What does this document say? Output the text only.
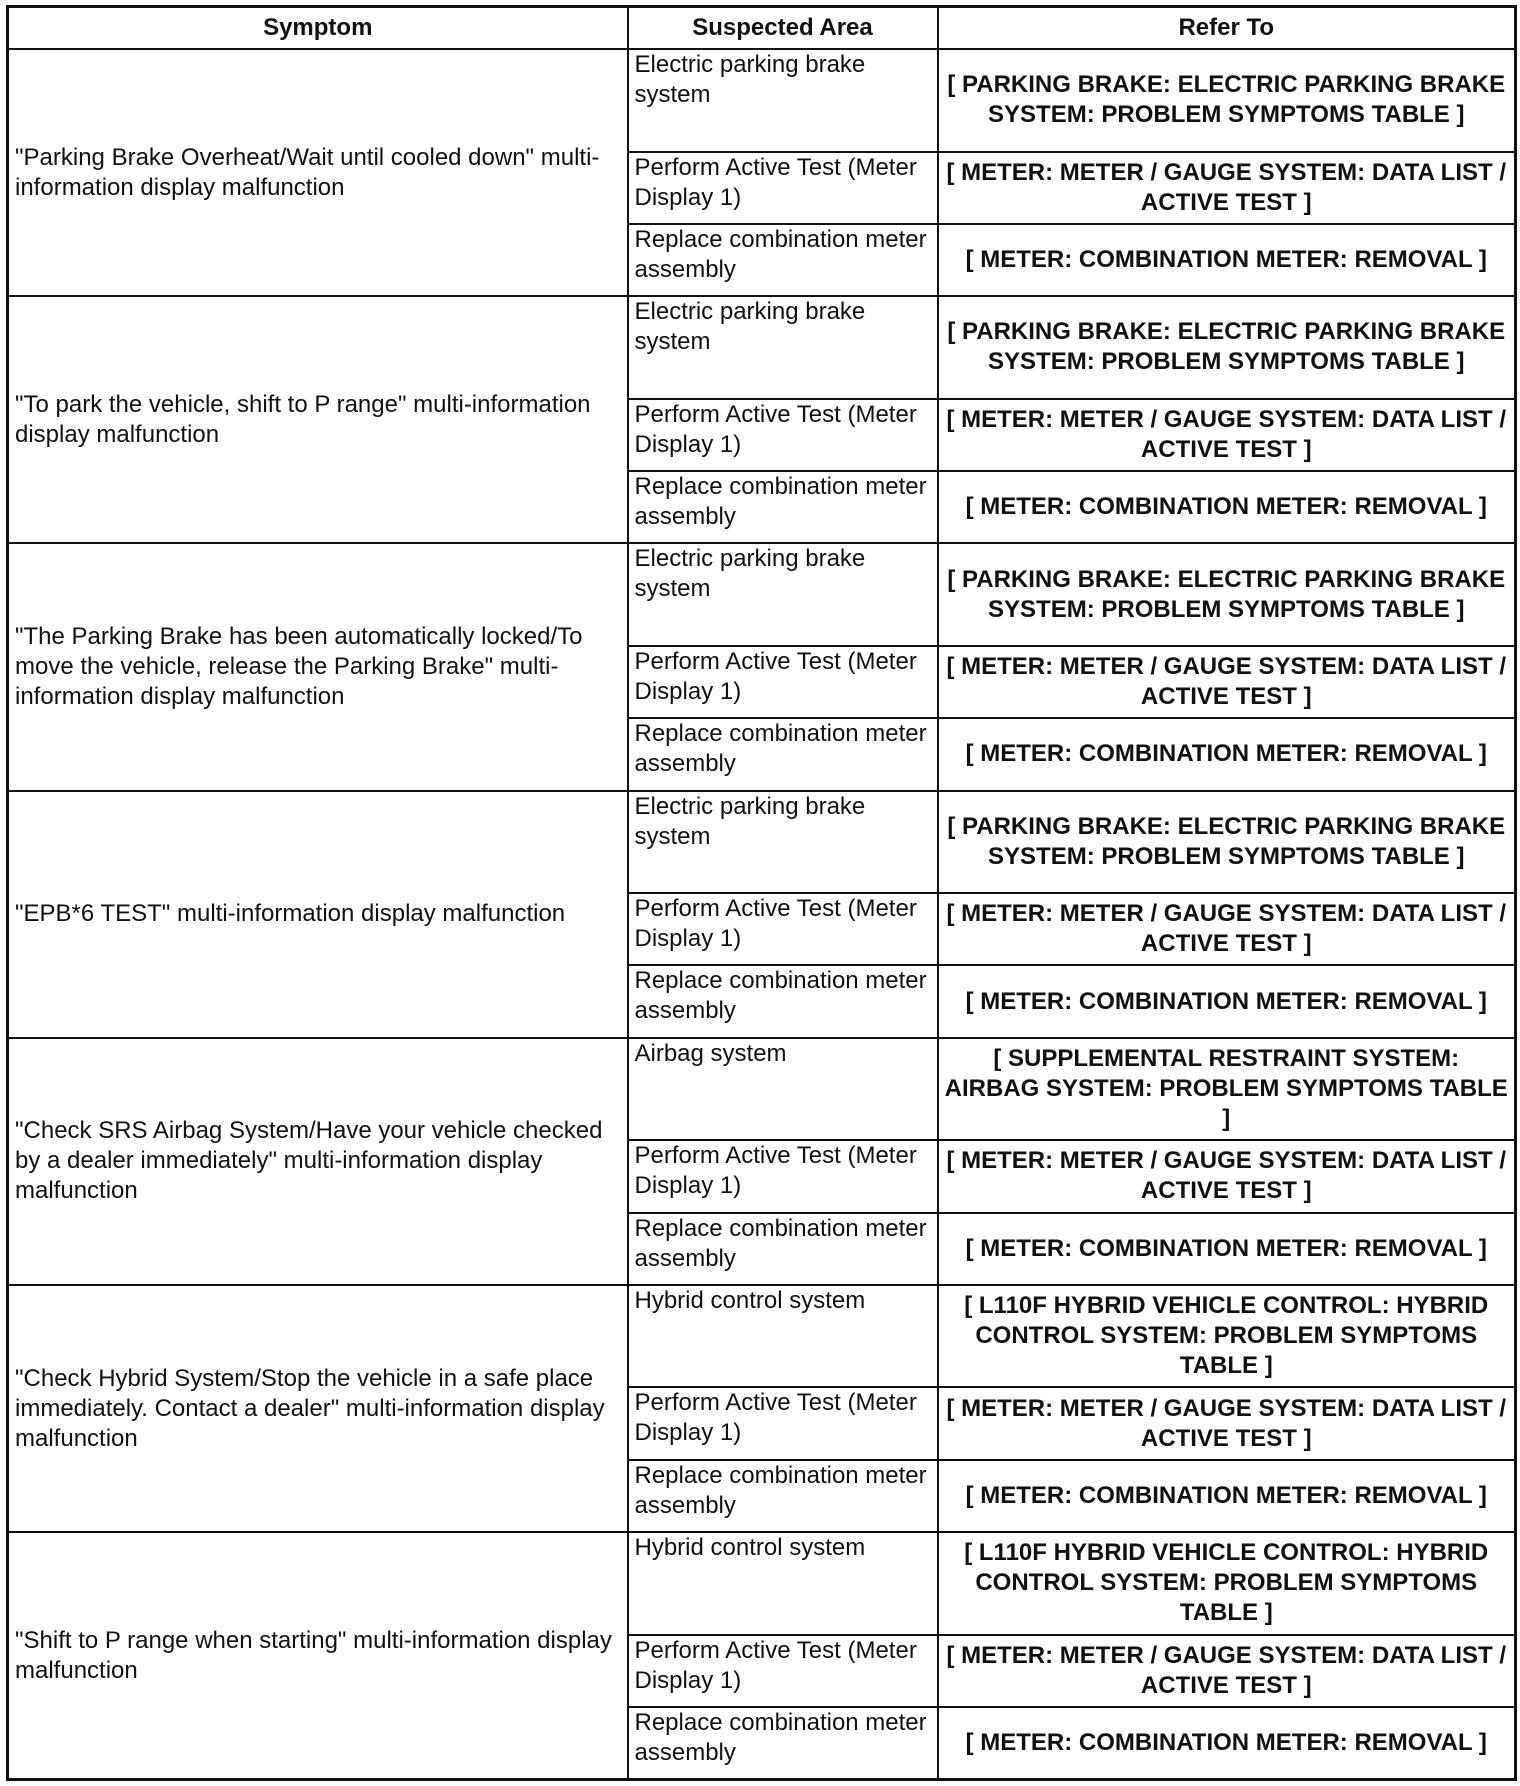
Symptom	Suspected Area	Refer To
"Parking Brake Overheat/Wait until cooled down" multi-information display malfunction	Electric parking brake system	[ PARKING BRAKE: ELECTRIC PARKING BRAKE SYSTEM: PROBLEM SYMPTOMS TABLE ]
	Perform Active Test (Meter Display 1)	[ METER: METER / GAUGE SYSTEM: DATA LIST / ACTIVE TEST ]
	Replace combination meter assembly	[ METER: COMBINATION METER: REMOVAL ]
"To park the vehicle, shift to P range" multi-information display malfunction	Electric parking brake system	[ PARKING BRAKE: ELECTRIC PARKING BRAKE SYSTEM: PROBLEM SYMPTOMS TABLE ]
	Perform Active Test (Meter Display 1)	[ METER: METER / GAUGE SYSTEM: DATA LIST / ACTIVE TEST ]
	Replace combination meter assembly	[ METER: COMBINATION METER: REMOVAL ]
"The Parking Brake has been automatically locked/To move the vehicle, release the Parking Brake" multi-information display malfunction	Electric parking brake system	[ PARKING BRAKE: ELECTRIC PARKING BRAKE SYSTEM: PROBLEM SYMPTOMS TABLE ]
	Perform Active Test (Meter Display 1)	[ METER: METER / GAUGE SYSTEM: DATA LIST / ACTIVE TEST ]
	Replace combination meter assembly	[ METER: COMBINATION METER: REMOVAL ]
"EPB*6 TEST" multi-information display malfunction	Electric parking brake system	[ PARKING BRAKE: ELECTRIC PARKING BRAKE SYSTEM: PROBLEM SYMPTOMS TABLE ]
	Perform Active Test (Meter Display 1)	[ METER: METER / GAUGE SYSTEM: DATA LIST / ACTIVE TEST ]
	Replace combination meter assembly	[ METER: COMBINATION METER: REMOVAL ]
"Check SRS Airbag System/Have your vehicle checked by a dealer immediately" multi-information display malfunction	Airbag system	[ SUPPLEMENTAL RESTRAINT SYSTEM: AIRBAG SYSTEM: PROBLEM SYMPTOMS TABLE ]
	Perform Active Test (Meter Display 1)	[ METER: METER / GAUGE SYSTEM: DATA LIST / ACTIVE TEST ]
	Replace combination meter assembly	[ METER: COMBINATION METER: REMOVAL ]
"Check Hybrid System/Stop the vehicle in a safe place immediately. Contact a dealer" multi-information display malfunction	Hybrid control system	[ L110F HYBRID VEHICLE CONTROL: HYBRID CONTROL SYSTEM: PROBLEM SYMPTOMS TABLE ]
	Perform Active Test (Meter Display 1)	[ METER: METER / GAUGE SYSTEM: DATA LIST / ACTIVE TEST ]
	Replace combination meter assembly	[ METER: COMBINATION METER: REMOVAL ]
"Shift to P range when starting" multi-information display malfunction	Hybrid control system	[ L110F HYBRID VEHICLE CONTROL: HYBRID CONTROL SYSTEM: PROBLEM SYMPTOMS TABLE ]
	Perform Active Test (Meter Display 1)	[ METER: METER / GAUGE SYSTEM: DATA LIST / ACTIVE TEST ]
	Replace combination meter assembly	[ METER: COMBINATION METER: REMOVAL ]
